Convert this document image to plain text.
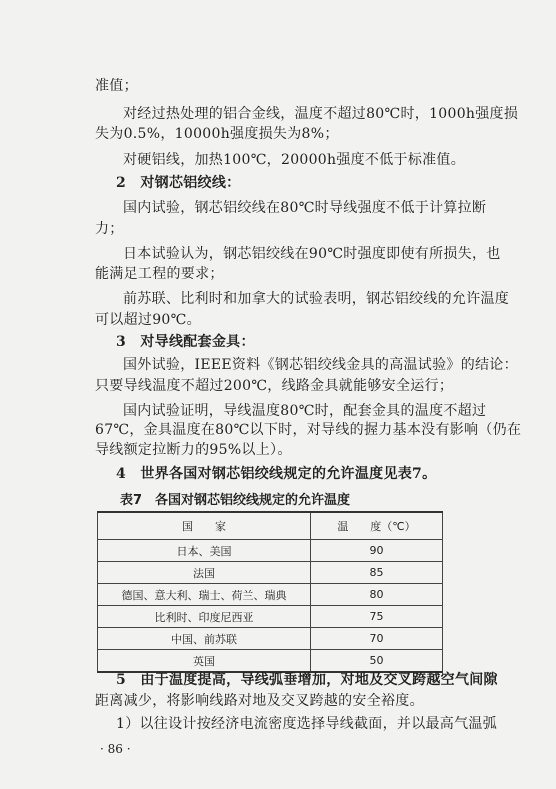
准值；
对经过热处理的铝合金线，温度不超过80℃时，1000h强度损
失为0.5%，10000h强度损失为8%；
对硬铝线，加热100℃，20000h强度不低于标准值。
2　对钢芯铝绞线：
国内试验，钢芯铝绞线在80℃时导线强度不低于计算拉断
力；
日本试验认为，钢芯铝绞线在90℃时强度即使有所损失，也
能满足工程的要求；
前苏联、比利时和加拿大的试验表明，钢芯铝绞线的允许温度
可以超过90℃。
3　对导线配套金具：
国外试验，IEEE资料《钢芯铝绞线金具的高温试验》的结论：
只要导线温度不超过200℃，线路金具就能够安全运行；
国内试验证明，导线温度80℃时，配套金具的温度不超过
67℃，金具温度在80℃以下时，对导线的握力基本没有影响（仍在
导线额定拉断力的95%以上）。
4　世界各国对钢芯铝绞线规定的允许温度见表7。
表7　各国对钢芯铝绞线规定的允许温度
国　　家	温　　度（℃）
日本、美国	90
法国	85
德国、意大利、瑞士、荷兰、瑞典	80
比利时、印度尼西亚	75
中国、前苏联	70
英国	50
5　由于温度提高，导线弧垂增加，对地及交叉跨越空气间隙
距离减少，将影响线路对地及交叉跨越的安全裕度。
1）以往设计按经济电流密度选择导线截面，并以最高气温弧
· 86 ·
